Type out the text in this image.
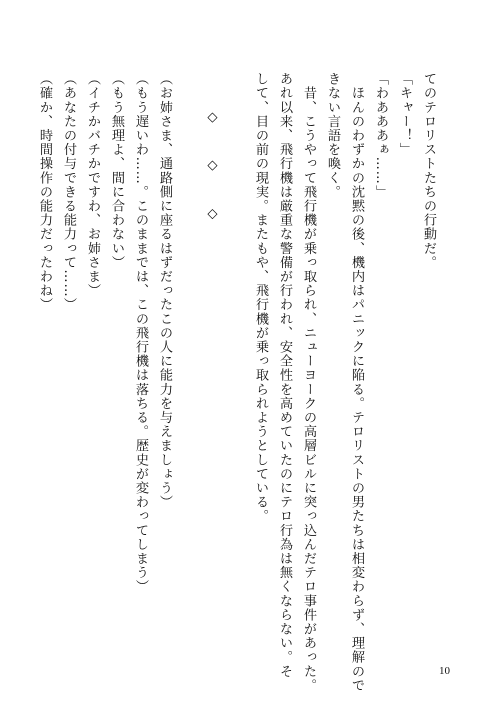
てのテロリストたちの行動だ。
「キャー！」
「わあああぁ……」
　ほんのわずかの沈黙の後、機内はパニックに陥る。テロリストの男たちは相変わらず、理解ので
きない言語を喚く。
　昔、こうやって飛行機が乗っ取られ、ニューヨークの高層ビルに突っ込んだテロ事件があった。
あれ以来、飛行機は厳重な警備が行われ、安全性を高めていたのにテロ行為は無くならない。そ
して、目の前の現実。またもや、飛行機が乗っ取られようとしている。
◇　◇　◇
（お姉さま、通路側に座るはずだったこの人に能力を与えましょう）
（もう遅いわ……。このままでは、この飛行機は落ちる。歴史が変わってしまう）
（もう無理よ、間に合わない）
（イチかバチかですわ、お姉さま）
（あなたの付与できる能力って……）
（確か、時間操作の能力だったわね）
10
